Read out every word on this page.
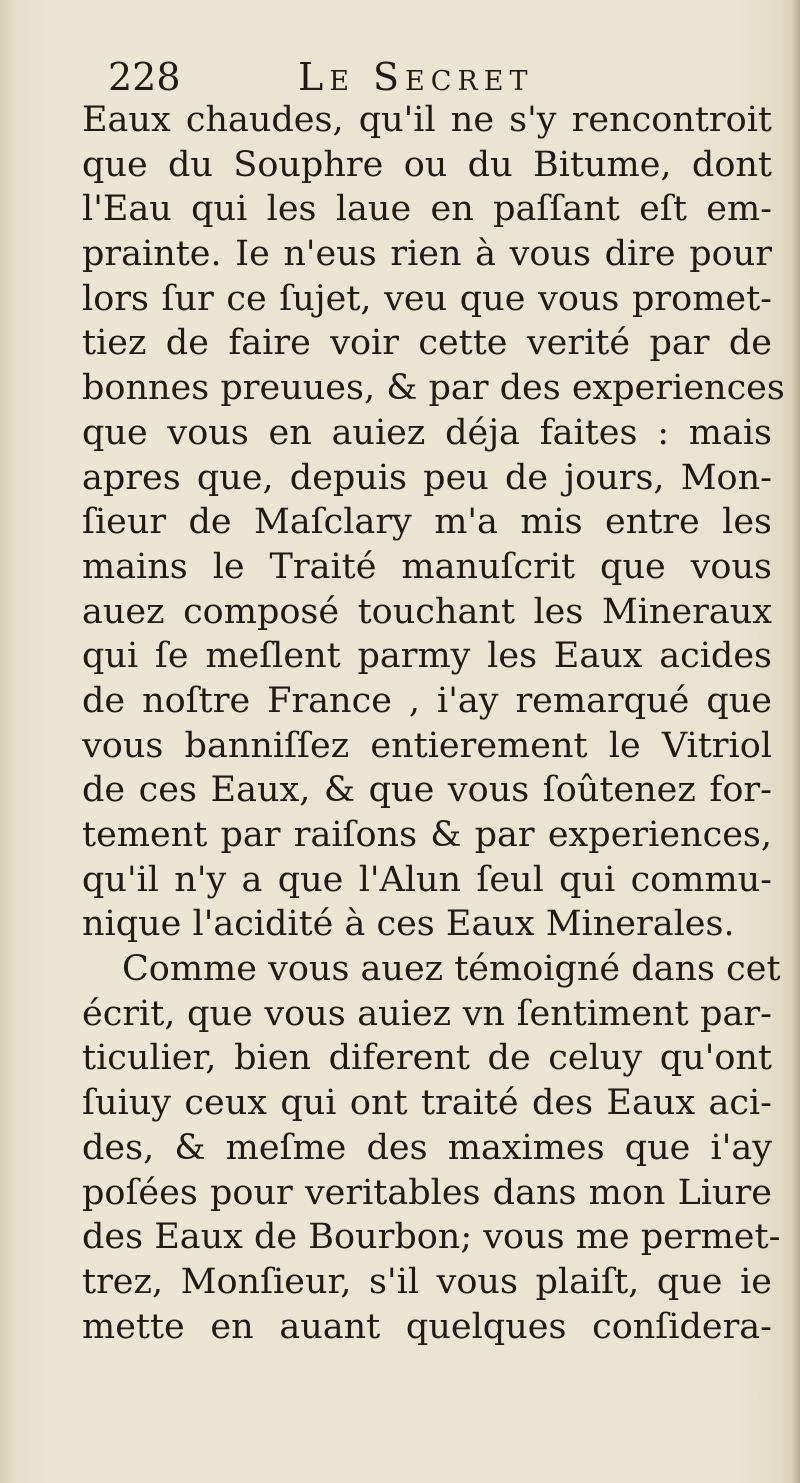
228	Le Secret
Eaux chaudes, qu'il ne s'y rencontroit
que du Souphre ou du Bitume, dont
l'Eau qui les laue en paſſant eſt em-
prainte. Ie n'eus rien à vous dire pour
lors ſur ce ſujet, veu que vous promet-
tiez de faire voir cette verité par de
bonnes preuues, & par des experiences
que vous en auiez déja faites : mais
apres que, depuis peu de jours, Mon-
ſieur de Maſclary m'a mis entre les
mains le Traité manuſcrit que vous
auez composé touchant les Mineraux
qui ſe meſlent parmy les Eaux acides
de noſtre France , i'ay remarqué que
vous banniſſez entierement le Vitriol
de ces Eaux, & que vous ſoûtenez for-
tement par raiſons & par experiences,
qu'il n'y a que l'Alun ſeul qui commu-
nique l'acidité à ces Eaux Minerales.
Comme vous auez témoigné dans cet
écrit, que vous auiez vn ſentiment par-
ticulier, bien diferent de celuy qu'ont
ſuiuy ceux qui ont traité des Eaux aci-
des, & meſme des maximes que i'ay
poſées pour veritables dans mon Liure
des Eaux de Bourbon; vous me permet-
trez, Monſieur, s'il vous plaiſt, que ie
mette en auant quelques conſidera-
